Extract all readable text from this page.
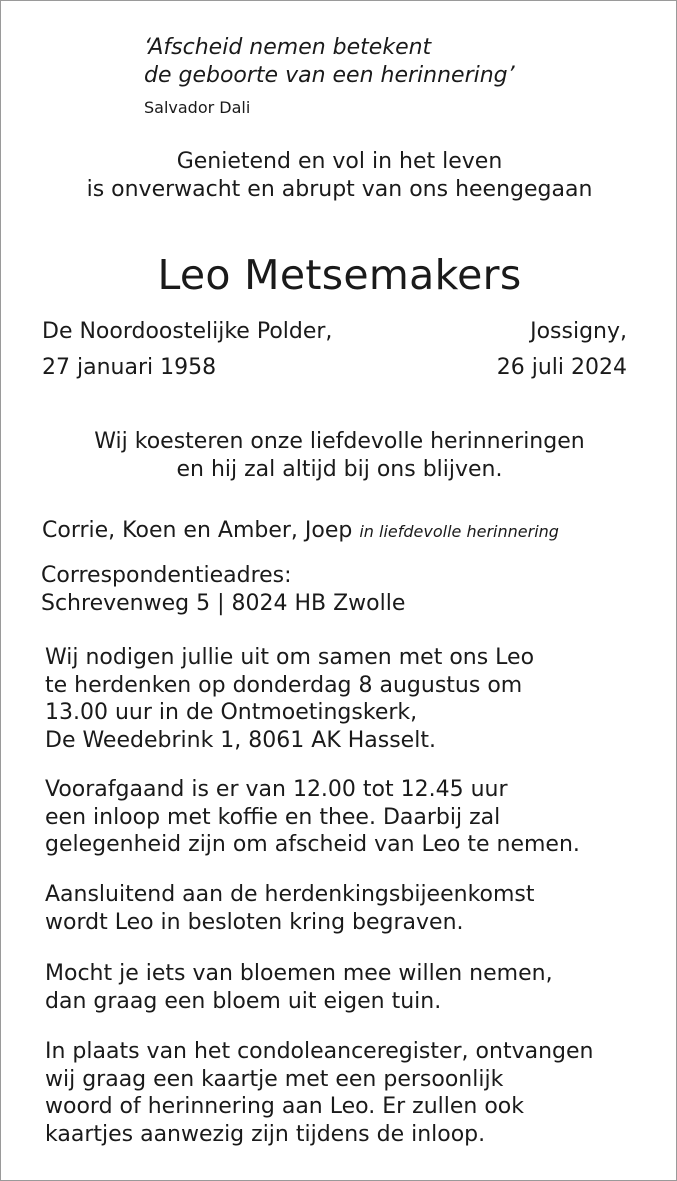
‘Afscheid nemen betekent
de geboorte van een herinnering’
Salvador Dali
Genietend en vol in het leven
is onverwacht en abrupt van ons heengegaan
Leo Metsemakers
De Noordoostelijke Polder,	Jossigny,
27 januari 1958	26 juli 2024
Wij koesteren onze liefdevolle herinneringen
en hij zal altijd bij ons blijven.
Corrie, Koen en Amber, Joep in liefdevolle herinnering
Correspondentieadres:
Schrevenweg 5 | 8024 HB Zwolle
Wij nodigen jullie uit om samen met ons Leo
te herdenken op donderdag 8 augustus om
13.00 uur in de Ontmoetingskerk,
De Weedebrink 1, 8061 AK Hasselt.
Voorafgaand is er van 12.00 tot 12.45 uur
een inloop met koffie en thee. Daarbij zal
gelegenheid zijn om afscheid van Leo te nemen.
Aansluitend aan de herdenkingsbijeenkomst
wordt Leo in besloten kring begraven.
Mocht je iets van bloemen mee willen nemen,
dan graag een bloem uit eigen tuin.
In plaats van het condoleanceregister, ontvangen
wij graag een kaartje met een persoonlijk
woord of herinnering aan Leo. Er zullen ook
kaartjes aanwezig zijn tijdens de inloop.
